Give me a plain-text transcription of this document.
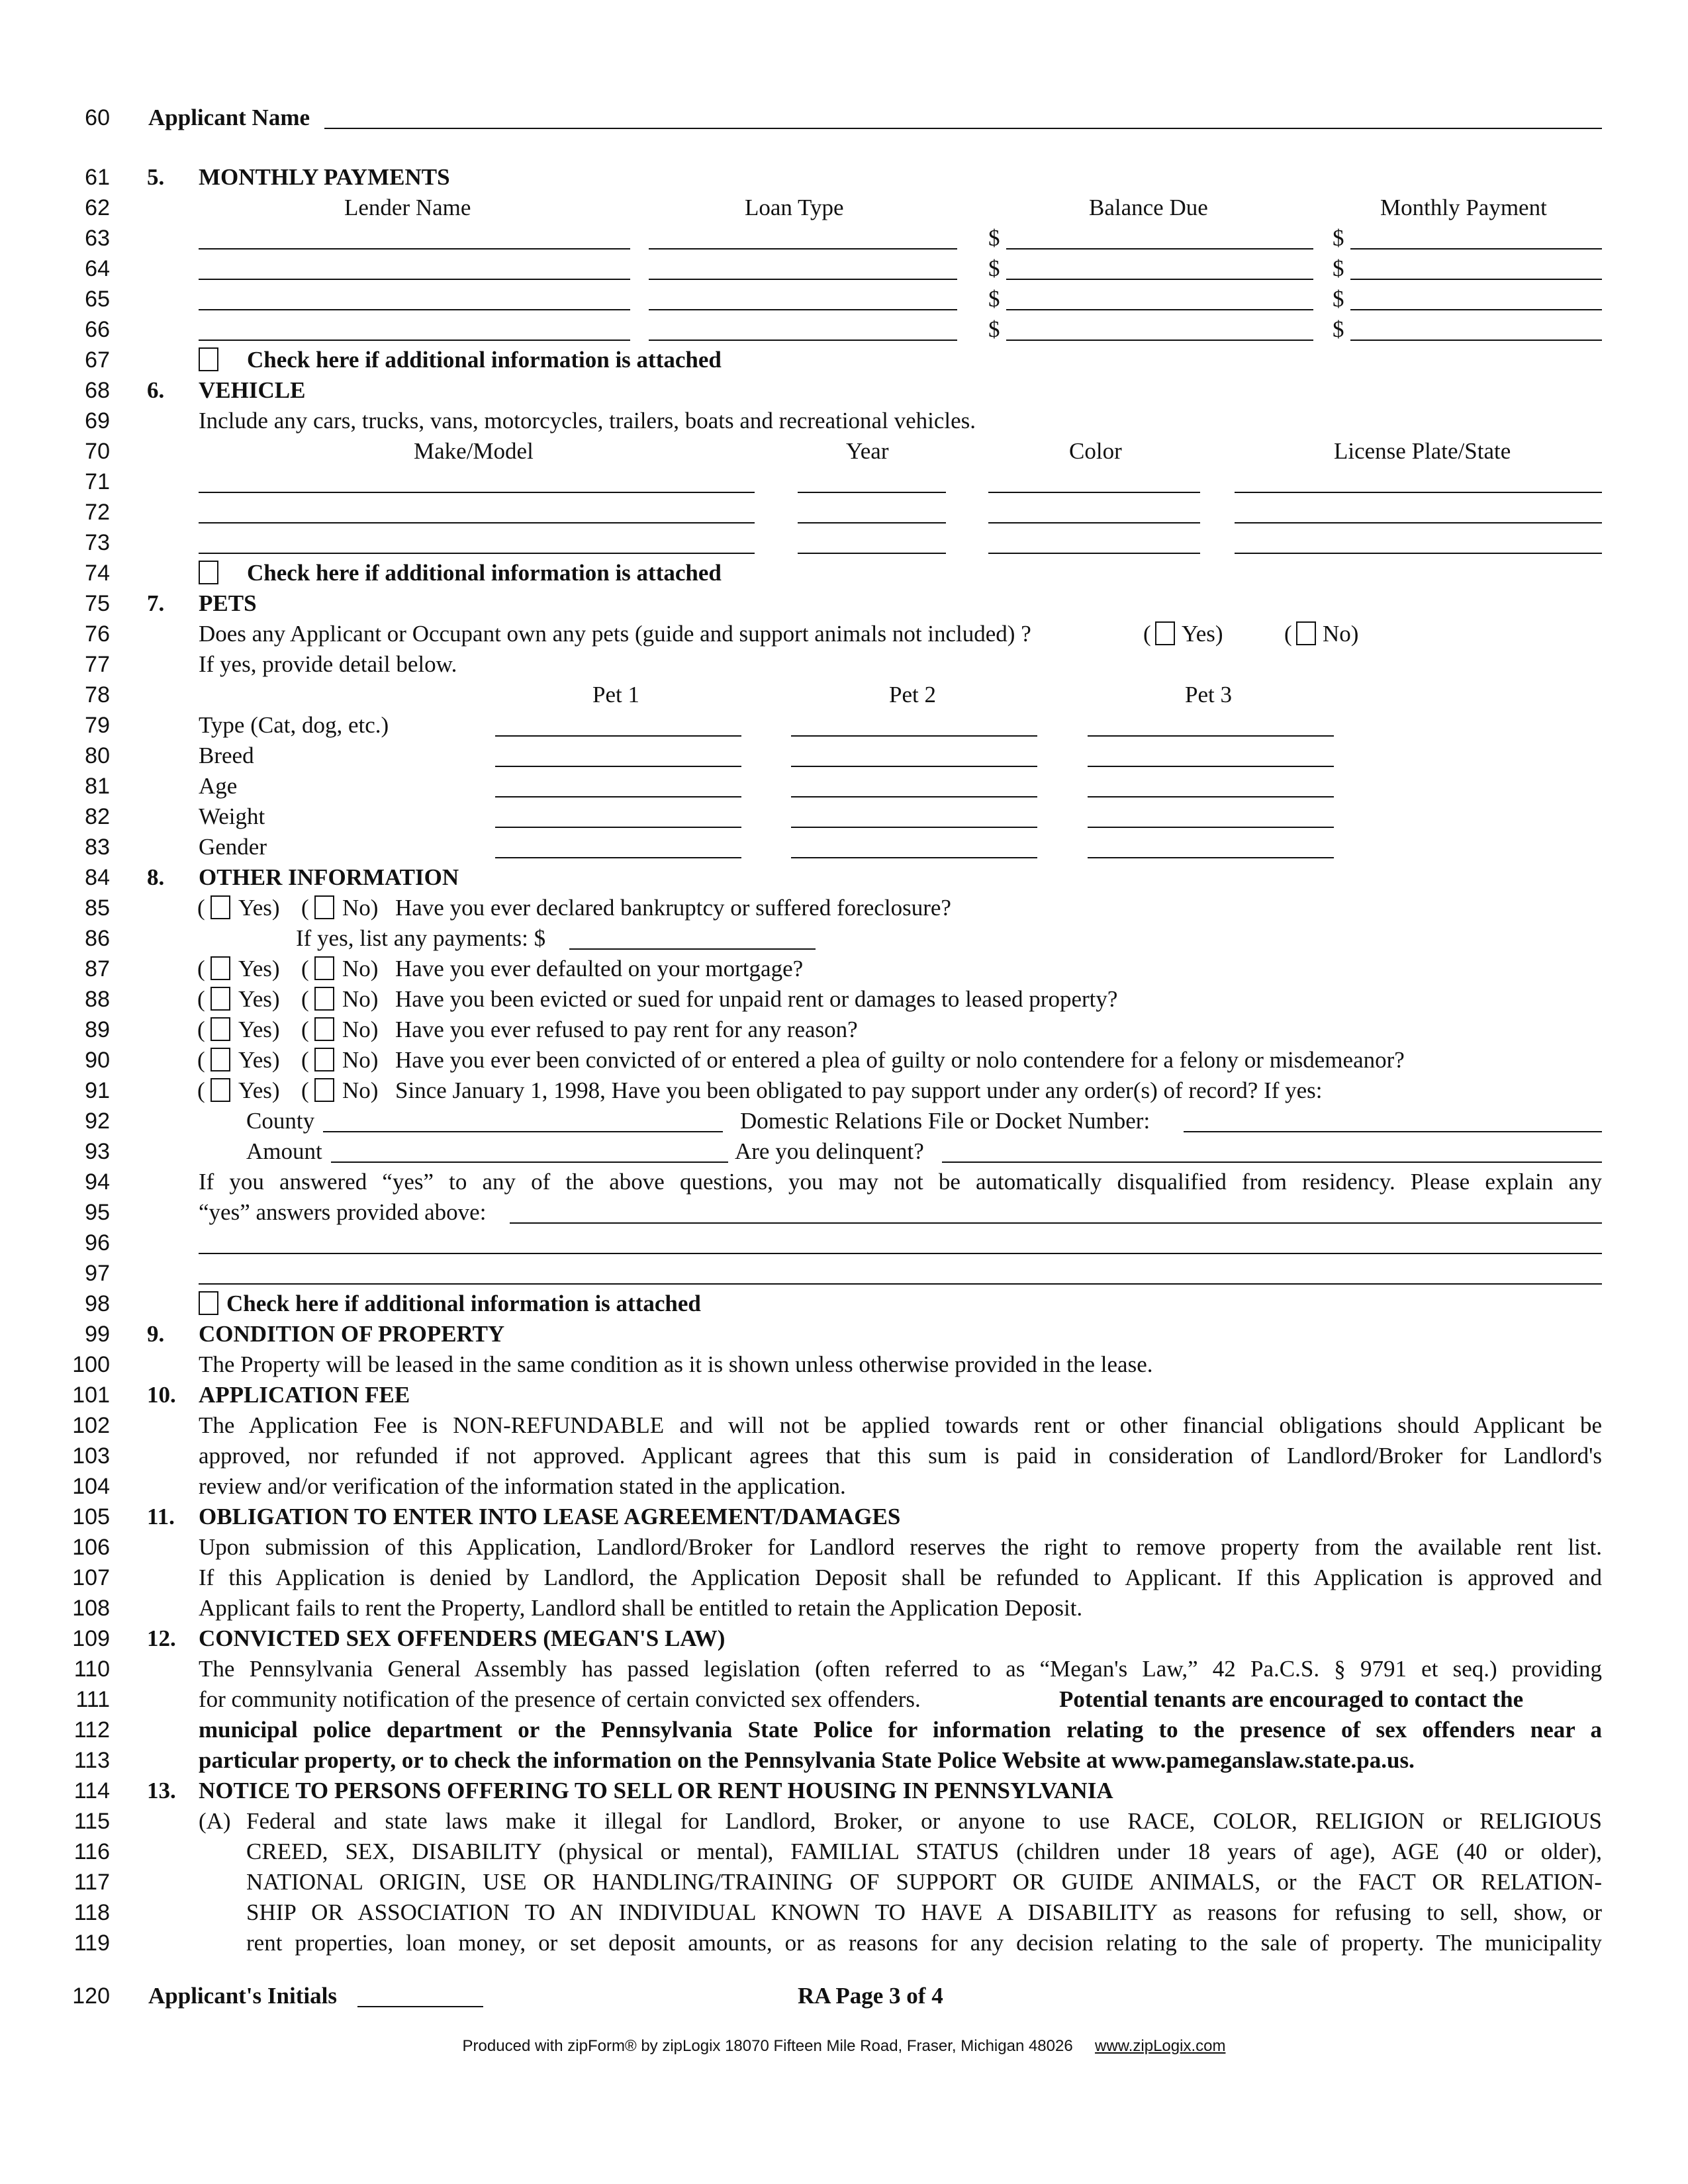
60 Applicant Name
61 5. MONTHLY PAYMENTS
62	Lender Name	Loan Type	Balance Due	Monthly Payment
63	$	$
64	$	$
65	$	$
66	$	$
67	Check here if additional information is attached
68 6. VEHICLE
69	Include any cars, trucks, vans, motorcycles, trailers, boats and recreational vehicles.
70	Make/Model	Year	Color	License Plate/State
71
72
73
74	Check here if additional information is attached
75 7. PETS
76	Does any Applicant or Occupant own any pets (guide and support animals not included) ?	( Yes)	( No)
77	If yes, provide detail below.
78	Pet 1	Pet 2	Pet 3
79	Type (Cat, dog, etc.)
80	Breed
81	Age
82	Weight
83	Gender
84 8. OTHER INFORMATION
85	( Yes) ( No) Have you ever declared bankruptcy or suffered foreclosure?
86	If yes, list any payments: $
87	( Yes) ( No) Have you ever defaulted on your mortgage?
88	( Yes) ( No) Have you been evicted or sued for unpaid rent or damages to leased property?
89	( Yes) ( No) Have you ever refused to pay rent for any reason?
90	( Yes) ( No) Have you ever been convicted of or entered a plea of guilty or nolo contendere for a felony or misdemeanor?
91	( Yes) ( No) Since January 1, 1998, Have you been obligated to pay support under any order(s) of record? If yes:
92	County	Domestic Relations File or Docket Number:
93	Amount	Are you delinquent?
94	If you answered “yes” to any of the above questions, you may not be automatically disqualified from residency. Please explain any
95	“yes” answers provided above:
96
97
98	Check here if additional information is attached
99 9. CONDITION OF PROPERTY
100	The Property will be leased in the same condition as it is shown unless otherwise provided in the lease.
101 10. APPLICATION FEE
102	The Application Fee is NON-REFUNDABLE and will not be applied towards rent or other financial obligations should Applicant be
103	approved, nor refunded if not approved. Applicant agrees that this sum is paid in consideration of Landlord/Broker for Landlord's
104	review and/or verification of the information stated in the application.
105 11. OBLIGATION TO ENTER INTO LEASE AGREEMENT/DAMAGES
106	Upon submission of this Application, Landlord/Broker for Landlord reserves the right to remove property from the available rent list.
107	If this Application is denied by Landlord, the Application Deposit shall be refunded to Applicant. If this Application is approved and
108	Applicant fails to rent the Property, Landlord shall be entitled to retain the Application Deposit.
109 12. CONVICTED SEX OFFENDERS (MEGAN'S LAW)
110	The Pennsylvania General Assembly has passed legislation (often referred to as “Megan's Law,” 42 Pa.C.S. § 9791 et seq.) providing
111	for community notification of the presence of certain convicted sex offenders.	Potential tenants are encouraged to contact the
112	municipal police department or the Pennsylvania State Police for information relating to the presence of sex offenders near a
113	particular property, or to check the information on the Pennsylvania State Police Website at www.pameganslaw.state.pa.us.
114 13. NOTICE TO PERSONS OFFERING TO SELL OR RENT HOUSING IN PENNSYLVANIA
115	(A) Federal and state laws make it illegal for Landlord, Broker, or anyone to use RACE, COLOR, RELIGION or RELIGIOUS
116	CREED, SEX, DISABILITY (physical or mental), FAMILIAL STATUS (children under 18 years of age), AGE (40 or older),
117	NATIONAL ORIGIN, USE OR HANDLING/TRAINING OF SUPPORT OR GUIDE ANIMALS, or the FACT OR RELATION-
118	SHIP OR ASSOCIATION TO AN INDIVIDUAL KNOWN TO HAVE A DISABILITY as reasons for refusing to sell, show, or
119	rent properties, loan money, or set deposit amounts, or as reasons for any decision relating to the sale of property. The municipality
120 Applicant's Initials	RA Page 3 of 4
Produced with zipForm® by zipLogix 18070 Fifteen Mile Road, Fraser, Michigan 48026 www.zipLogix.com
